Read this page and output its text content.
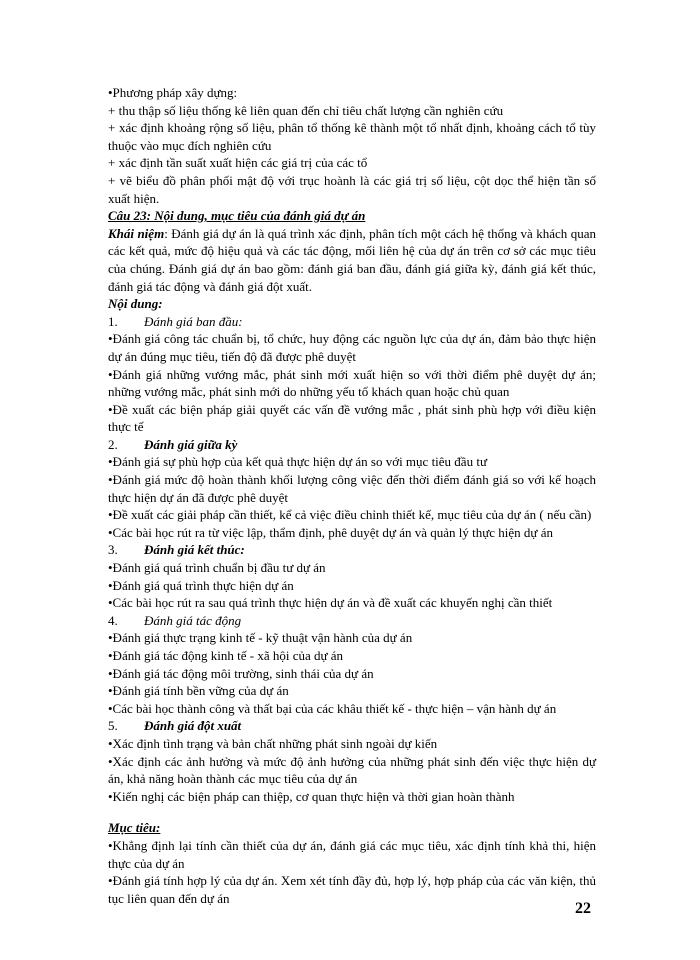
•Phương pháp xây dựng:

+ thu thập số liệu thống kê liên quan đến chỉ tiêu chất lượng cần nghiên cứu

+ xác định khoảng rộng số liệu, phân tổ thống kê thành một tổ nhất định, khoảng cách tổ tùy thuộc vào mục đích nghiên cứu

+ xác định tần suất xuất hiện các giá trị của các tổ

+ vẽ biểu đồ phân phối mật độ với trục hoành là các giá trị số liệu, cột dọc thể hiện tần số xuất hiện.

Câu 23: Nội dung, mục tiêu của đánh giá dự án

Khái niệm: Đánh giá dự án là quá trình xác định, phân tích một cách hệ thống và khách quan các kết quả, mức độ hiệu quả và các tác động, mối liên hệ của dự án trên cơ sở các mục tiêu của chúng. Đánh giá dự án bao gồm: đánh giá ban đầu, đánh giá giữa kỳ, đánh giá kết thúc, đánh giá tác động và đánh giá đột xuất.

Nội dung:

1.	Đánh giá ban đầu:

•Đánh giá công tác chuẩn bị, tổ chức, huy động các nguồn lực của dự án, đảm bảo thực hiện dự án đúng mục tiêu, tiến độ đã được phê duyệt

•Đánh giá những vướng mắc, phát sinh mới xuất hiện so với thời điểm phê duyệt dự án; những vướng mắc, phát sinh mới do những yếu tố khách quan hoặc chủ quan

•Đề xuất các biện pháp giải quyết các vấn đề vướng mắc , phát sinh phù hợp với điều kiện thực tế

2.	Đánh giá giữa kỳ

•Đánh giá sự phù hợp của kết quả thực hiện dự án so với mục tiêu đầu tư

•Đánh giá mức độ hoàn thành khối lượng công việc đến thời điểm đánh giá so với kế hoạch thực hiện dự án đã được phê duyệt

•Đề xuất các giải pháp cần thiết, kể cả việc điều chỉnh thiết kế, mục tiêu của dự án ( nếu cần)

•Các bài học rút ra từ việc lập, thẩm định, phê duyệt dự án và quản lý thực hiện dự án

3.	Đánh giá kết thúc:

•Đánh giá quá trình chuẩn bị đầu tư dự án

•Đánh giá quá trình thực hiện dự án

•Các bài học rút ra sau quá trình thực hiện dự án và đề xuất các khuyến nghị cần thiết

4.	Đánh giá tác động

•Đánh giá thực trạng kinh tế - kỹ thuật vận hành của dự án

•Đánh giá tác động kinh tế - xã hội của dự án

•Đánh giá tác động môi trường, sinh thái của dự án

•Đánh giá tính bền vững của dự án

•Các bài học thành công và thất bại của các khâu thiết kế - thực hiện – vận hành dự án

5.	Đánh giá đột xuất

•Xác định tình trạng và bản chất những phát sinh ngoài dự kiến

•Xác định các ảnh hưởng và mức độ ảnh hưởng của những phát sinh đến việc thực hiện dự án, khả năng hoàn thành các mục tiêu của dự án

•Kiến nghị các biện pháp can thiệp, cơ quan thực hiện và thời gian hoàn thành

Mục tiêu:

•Khẳng định lại tính cần thiết của dự án, đánh giá các mục tiêu, xác định tính khả thi, hiện thực của dự án

•Đánh giá tính hợp lý của dự án. Xem xét tính đầy đủ, hợp lý, hợp pháp của các văn kiện, thủ tục liên quan đến dự án

22
